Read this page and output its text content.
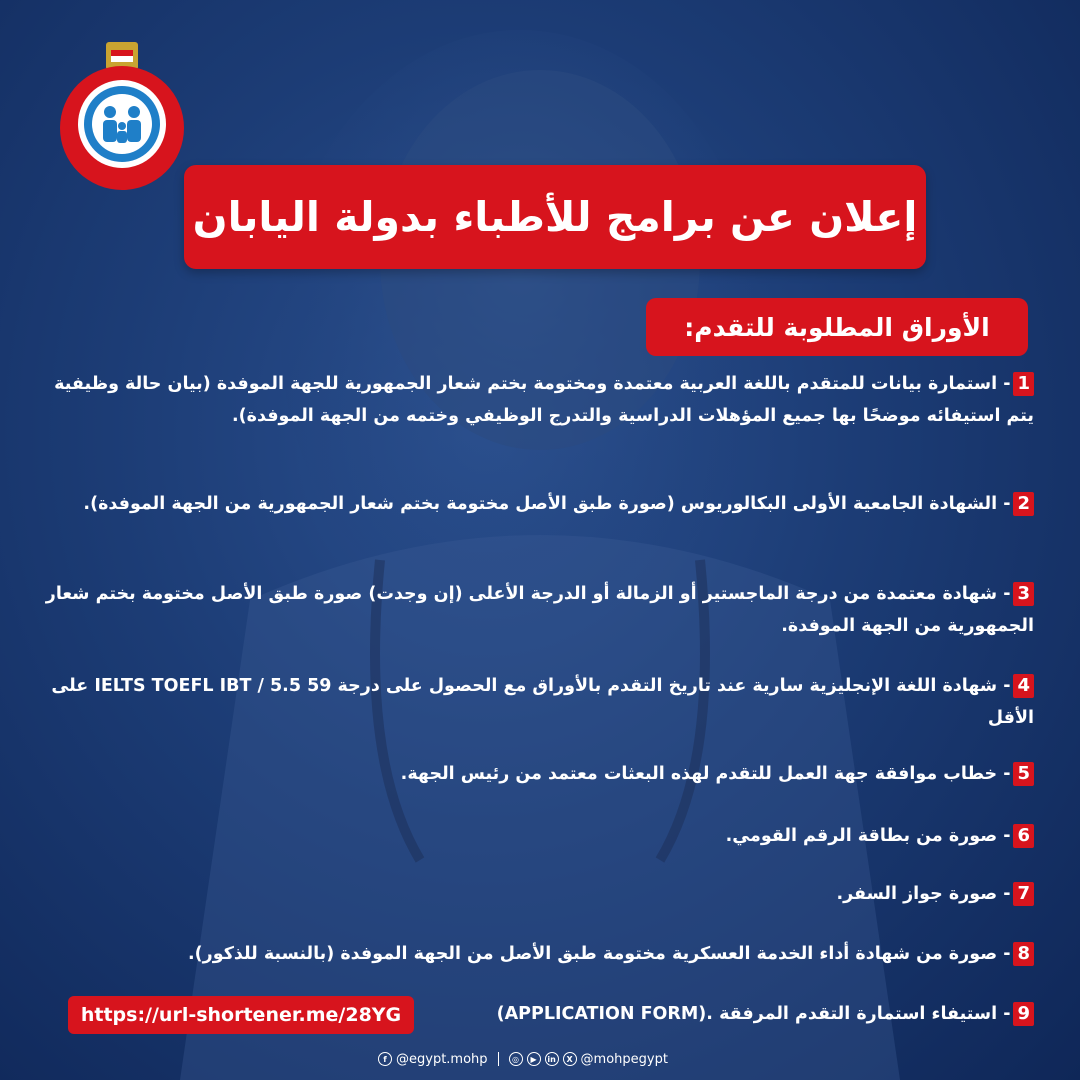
إعلان عن برامج للأطباء بدولة اليابان
الأوراق المطلوبة للتقدم:
1- استمارة بيانات للمتقدم باللغة العربية معتمدة ومختومة بختم شعار الجمهورية للجهة الموفدة (بيان حالة وظيفية يتم استيفائه موضحًا بها جميع المؤهلات الدراسية والتدرج الوظيفي وختمه من الجهة الموفدة).
2- الشهادة الجامعية الأولى البكالوريوس (صورة طبق الأصل مختومة بختم شعار الجمهورية من الجهة الموفدة).
3- شهادة معتمدة من درجة الماجستير أو الزمالة أو الدرجة الأعلى (إن وجدت) صورة طبق الأصل مختومة بختم شعار الجمهورية من الجهة الموفدة.
4- شهادة اللغة الإنجليزية سارية عند تاريخ التقدم بالأوراق مع الحصول على درجة TOEFL IBT / 5.5 59 IELTS على الأقل
5- خطاب موافقة جهة العمل للتقدم لهذه البعثات معتمد من رئيس الجهة.
6- صورة من بطاقة الرقم القومي.
7- صورة جواز السفر.
8- صورة من شهادة أداء الخدمة العسكرية مختومة طبق الأصل من الجهة الموفدة (بالنسبة للذكور).
9- استيفاء استمارة التقدم المرفقة (APPLICATION FORM).
https://url-shortener.me/28YG
f @egypt.mohp	◎	▶	in	X @mohpegypt
